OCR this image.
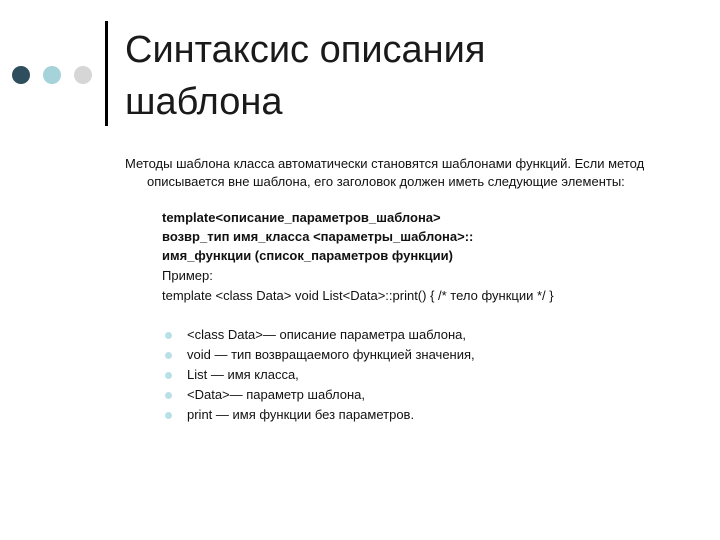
Синтаксис описания
шаблона
Методы шаблона класса автоматически становятся шаблонами функций. Если метод описывается вне шаблона, его заголовок должен иметь следующие элементы:
template<описание_параметров_шаблона>
возвр_тип имя_класса <параметры_шаблона>::
имя_функции (список_параметров функции)
Пример:
template <class Data> void List<Data>::print() { /* тело функции */ }
<class Data>— описание параметра шаблона,
void — тип возвращаемого функцией значения,
List — имя класса,
<Data>— параметр шаблона,
print — имя функции без параметров.
